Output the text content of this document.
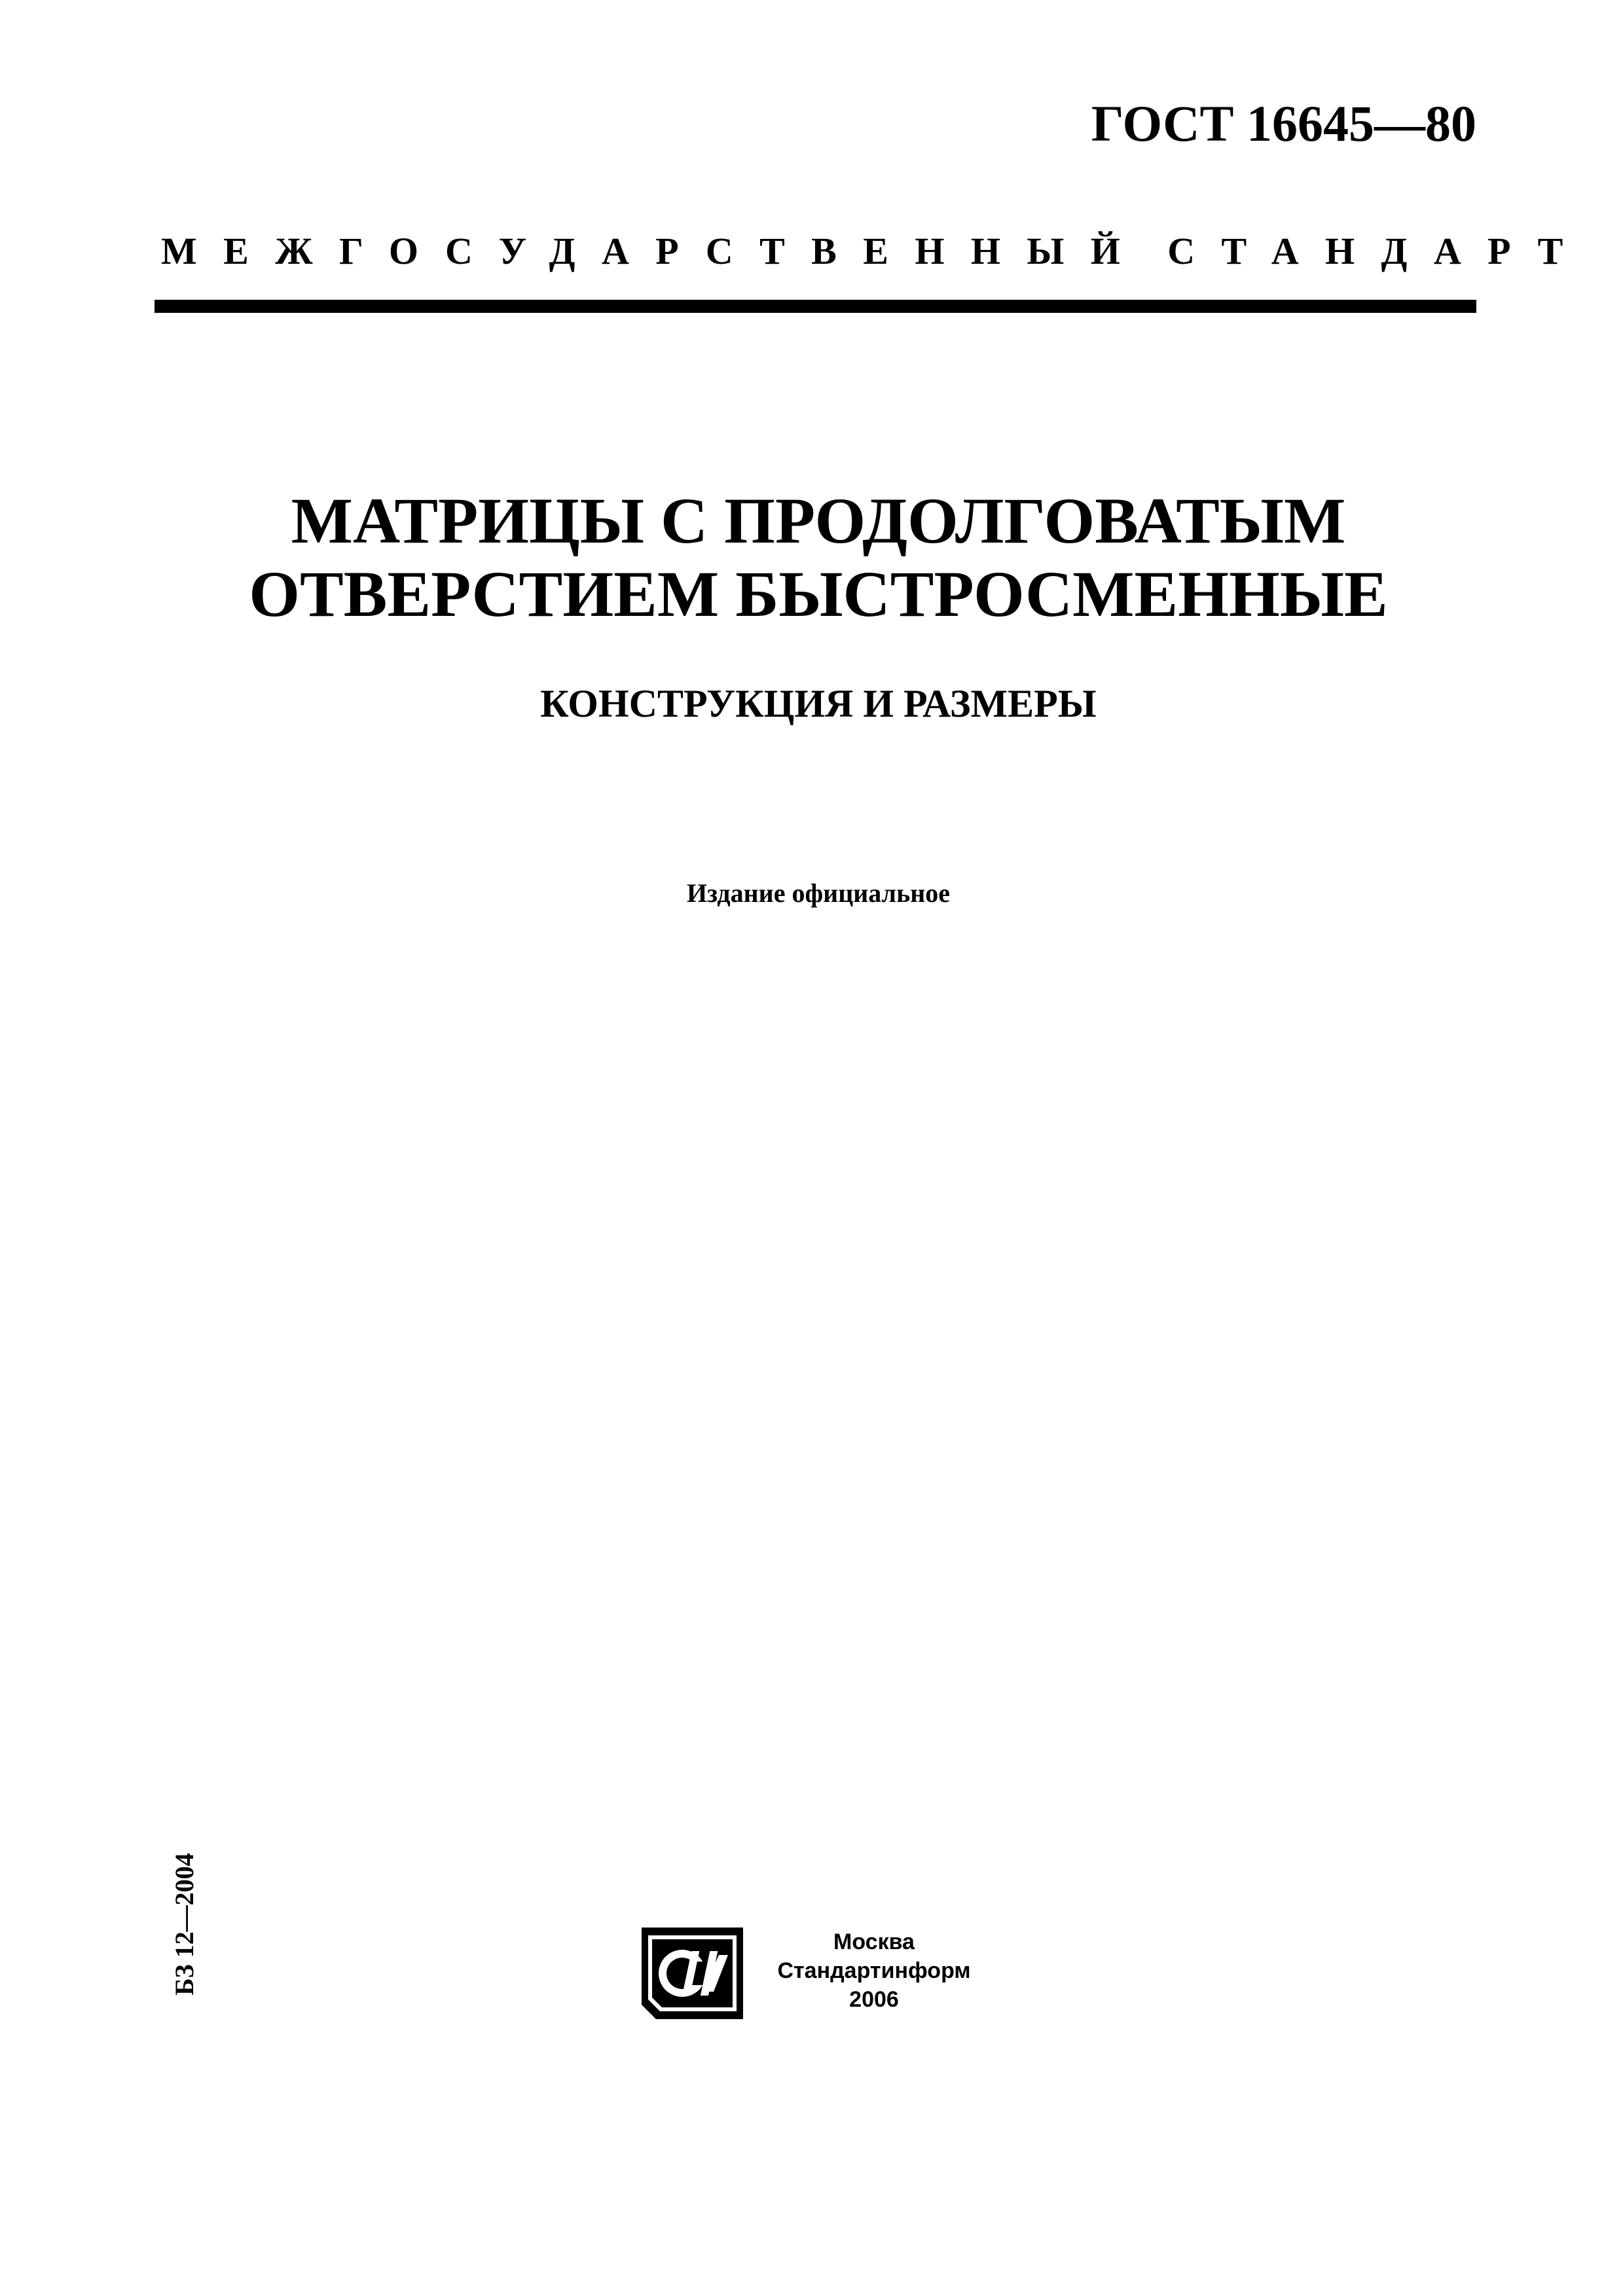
ГОСТ 16645—80
МЕЖГОСУДАРСТВЕННЫЙ СТАНДАРТ
МАТРИЦЫ С ПРОДОЛГОВАТЫМ
ОТВЕРСТИЕМ БЫСТРОСМЕННЫЕ
КОНСТРУКЦИЯ И РАЗМЕРЫ
Издание официальное
БЗ 12—2004	Москва
Стандартинформ
2006
